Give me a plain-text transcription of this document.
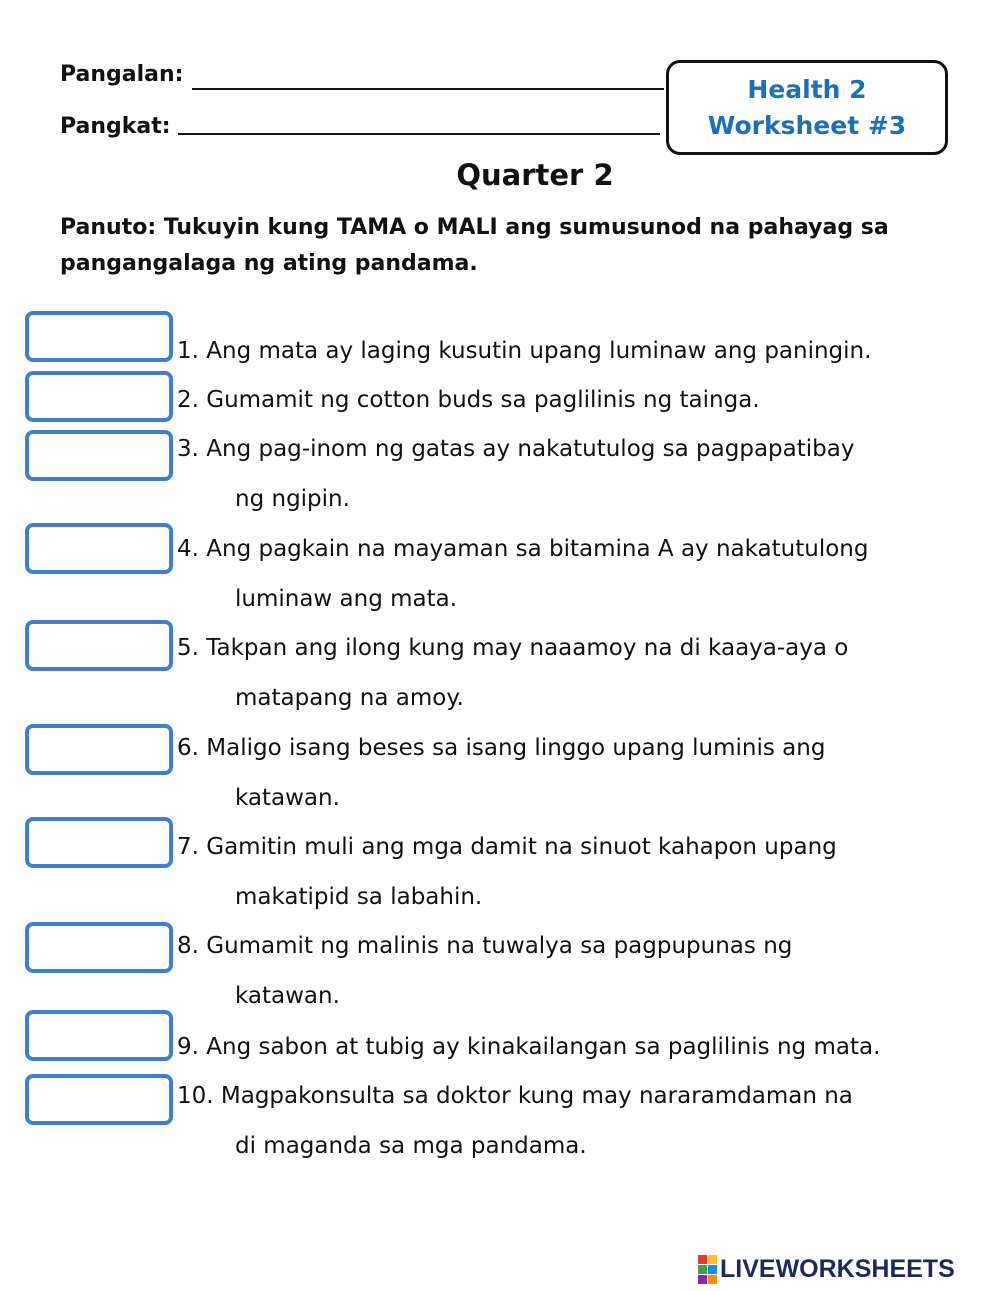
Pangalan:
Pangkat:
Health 2
Worksheet #3
Quarter 2
Panuto: Tukuyin kung TAMA o MALI ang sumusunod na pahayag sa pangangalaga ng ating pandama.
1. Ang mata ay laging kusutin upang luminaw ang paningin.
2. Gumamit ng cotton buds sa paglilinis ng tainga.
3. Ang pag-inom ng gatas ay nakatutulog sa pagpapatibay
ng ngipin.
4. Ang pagkain na mayaman sa bitamina A ay nakatutulong
luminaw ang mata.
5. Takpan ang ilong kung may naaamoy na di kaaya-aya o
matapang na amoy.
6. Maligo isang beses sa isang linggo upang luminis ang
katawan.
7. Gamitin muli ang mga damit na sinuot kahapon upang
makatipid sa labahin.
8. Gumamit ng malinis na tuwalya sa pagpupunas ng
katawan.
9. Ang sabon at tubig ay kinakailangan sa paglilinis ng mata.
10. Magpakonsulta sa doktor kung may nararamdaman na
di maganda sa mga pandama.
LIVEWORKSHEETS
